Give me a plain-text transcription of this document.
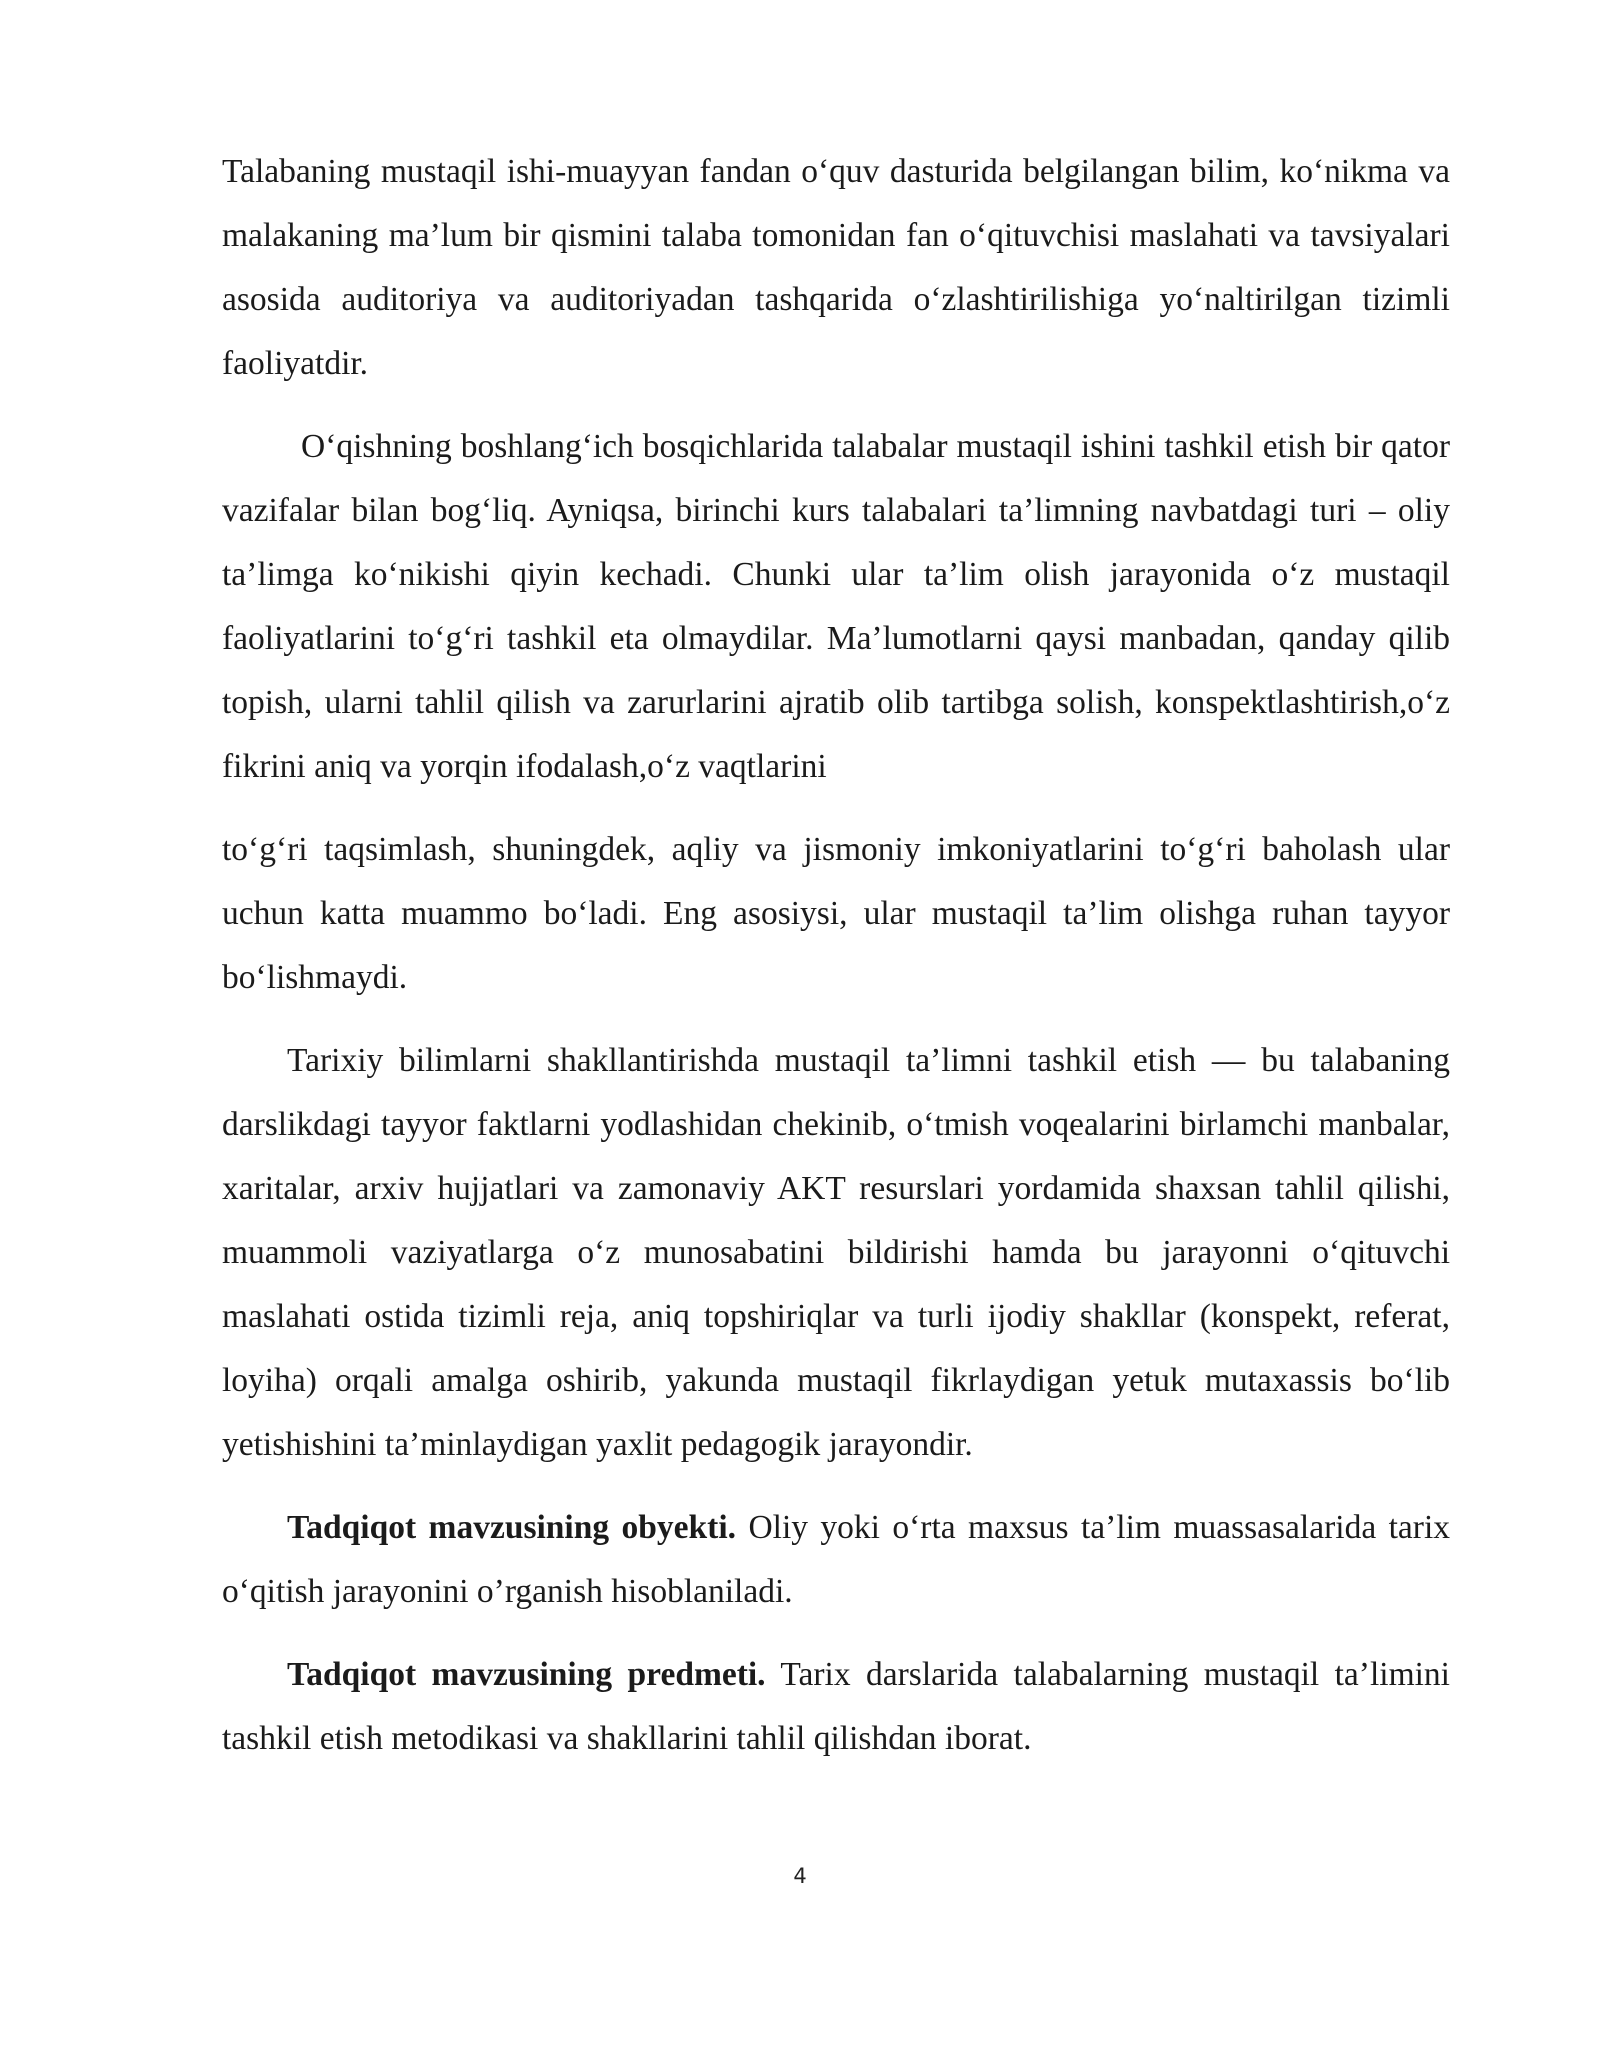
Talabaning mustaqil ishi-muayyan fandan o‘quv dasturida belgilangan bilim, ko‘nikma va malakaning ma’lum bir qismini talaba tomonidan fan o‘qituvchisi maslahati va tavsiyalari asosida auditoriya va auditoriyadan tashqarida o‘zlashtirilishiga yo‘naltirilgan tizimli faoliyatdir.

O‘qishning boshlang‘ich bosqichlarida talabalar mustaqil ishini tashkil etish bir qator vazifalar bilan bog‘liq. Ayniqsa, birinchi kurs talabalari ta’limning navbatdagi turi – oliy ta’limga ko‘nikishi qiyin kechadi. Chunki ular ta’lim olish jarayonida o‘z mustaqil faoliyatlarini to‘g‘ri tashkil eta olmaydilar. Ma’lumotlarni qaysi manbadan, qanday qilib topish, ularni tahlil qilish va zarurlarini ajratib olib tartibga solish, konspektlashtirish,o‘z fikrini aniq va yorqin ifodalash,o‘z vaqtlarini

to‘g‘ri taqsimlash, shuningdek, aqliy va jismoniy imkoniyatlarini to‘g‘ri baholash ular uchun katta muammo bo‘ladi. Eng asosiysi, ular mustaqil ta’lim olishga ruhan tayyor bo‘lishmaydi.

Tarixiy bilimlarni shakllantirishda mustaqil ta’limni tashkil etish — bu talabaning darslikdagi tayyor faktlarni yodlashidan chekinib, o‘tmish voqealarini birlamchi manbalar, xaritalar, arxiv hujjatlari va zamonaviy AKT resurslari yordamida shaxsan tahlil qilishi, muammoli vaziyatlarga o‘z munosabatini bildirishi hamda bu jarayonni o‘qituvchi maslahati ostida tizimli reja, aniq topshiriqlar va turli ijodiy shakllar (konspekt, referat, loyiha) orqali amalga oshirib, yakunda mustaqil fikrlaydigan yetuk mutaxassis bo‘lib yetishishini ta’minlaydigan yaxlit pedagogik jarayondir.

Tadqiqot mavzusining obyekti. Oliy yoki o‘rta maxsus ta’lim muassasalarida tarix o‘qitish jarayonini o’rganish hisoblaniladi.

Tadqiqot mavzusining predmeti. Tarix darslarida talabalarning mustaqil ta’limini tashkil etish metodikasi va shakllarini tahlil qilishdan iborat.

4
